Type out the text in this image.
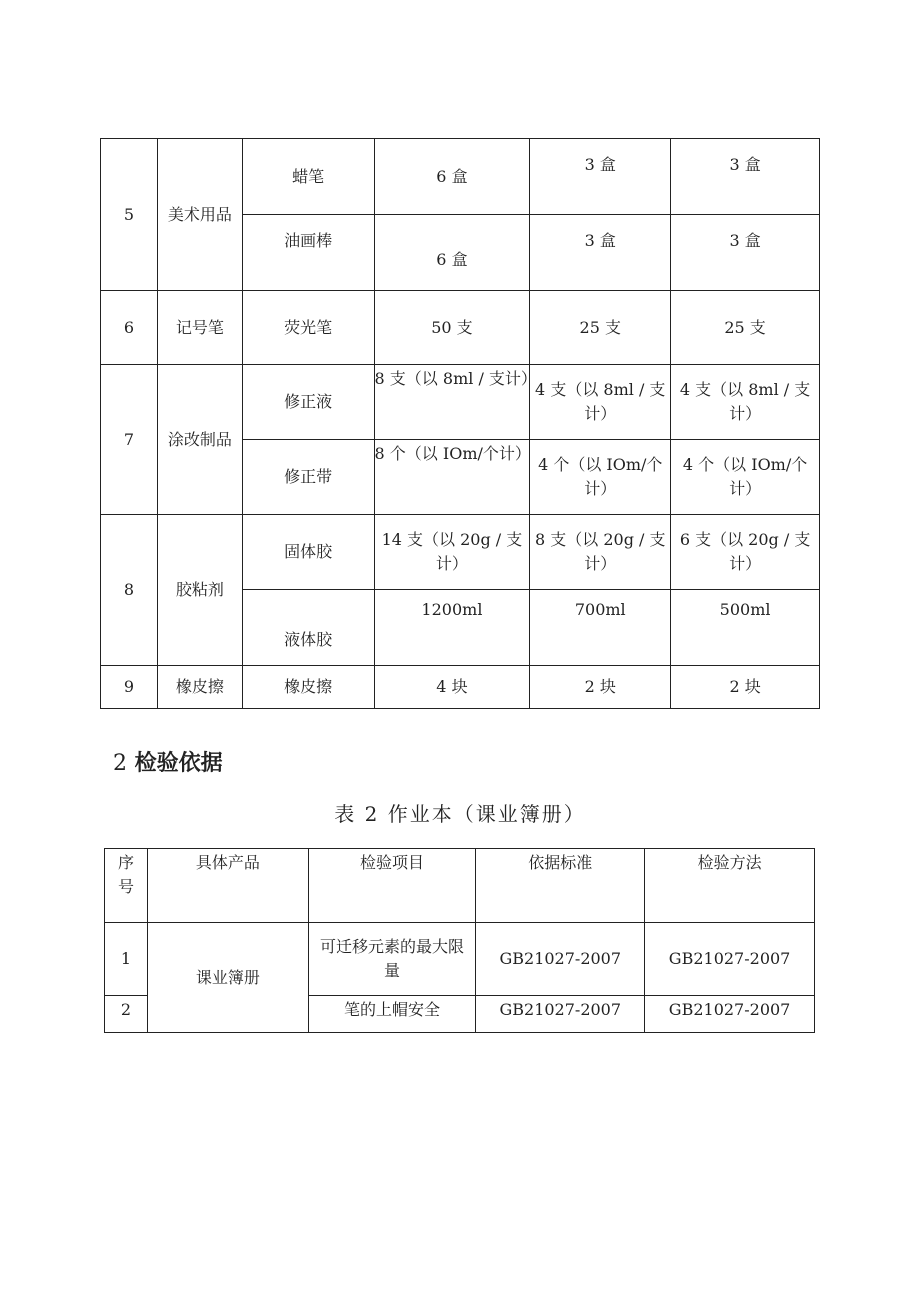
5	美术用品	蜡笔	6 盒	3 盒	3 盒
		油画棒	6 盒	3 盒	3 盒
6	记号笔	荧光笔	50 支	25 支	25 支
7	涂改制品	修正液	8 支（以 8ml / 支计）	4 支（以 8ml / 支计）	4 支（以 8ml / 支计）
		修正带	8 个（以 IOm/个计）	4 个（以 IOm/个计）	4 个（以 IOm/个计）
8	胶粘剂	固体胶	14 支（以 20g / 支计）	8 支（以 20g / 支计）	6 支（以 20g / 支计）
		液体胶	1200ml	700ml	500ml
9	橡皮擦	橡皮擦	4 块	2 块	2 块
2 检验依据
表 2 作业本（课业簿册）
序号	具体产品	检验项目	依据标准	检验方法
1	课业簿册	可迁移元素的最大限量	GB21027-2007	GB21027-2007
2		笔的上帽安全	GB21027-2007	GB21027-2007
